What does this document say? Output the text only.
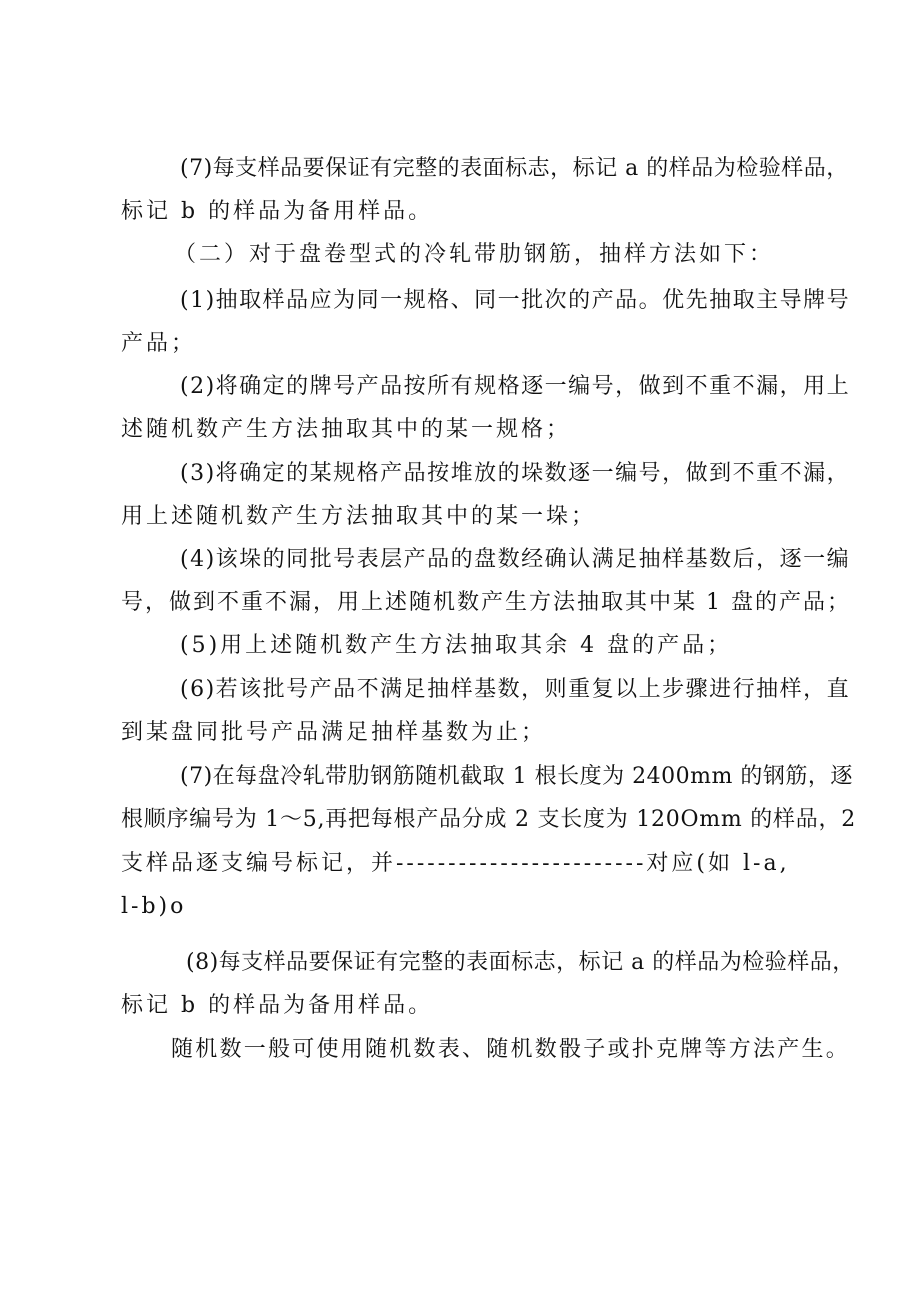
(7)每支样品要保证有完整的表面标志，标记 a 的样品为检验样品，
标记 b 的样品为备用样品。
（二）对于盘卷型式的冷轧带肋钢筋，抽样方法如下：
(1)抽取样品应为同一规格、同一批次的产品。优先抽取主导牌号
产品；
(2)将确定的牌号产品按所有规格逐一编号，做到不重不漏，用上
述随机数产生方法抽取其中的某一规格；
(3)将确定的某规格产品按堆放的垛数逐一编号，做到不重不漏，
用上述随机数产生方法抽取其中的某一垛；
(4)该垛的同批号表层产品的盘数经确认满足抽样基数后，逐一编
号，做到不重不漏，用上述随机数产生方法抽取其中某 1 盘的产品；
(5)用上述随机数产生方法抽取其余 4 盘的产品；
(6)若该批号产品不满足抽样基数，则重复以上步骤进行抽样，直
到某盘同批号产品满足抽样基数为止；
(7)在每盘冷轧带肋钢筋随机截取 1 根长度为 2400mm 的钢筋，逐
根顺序编号为 1～5,再把每根产品分成 2 支长度为 120Omm 的样品，2
支样品逐支编号标记，并------------------------对应(如 l-a,
l-b)o
(8)每支样品要保证有完整的表面标志，标记 a 的样品为检验样品，
标记 b 的样品为备用样品。
随机数一般可使用随机数表、随机数骰子或扑克牌等方法产生。
